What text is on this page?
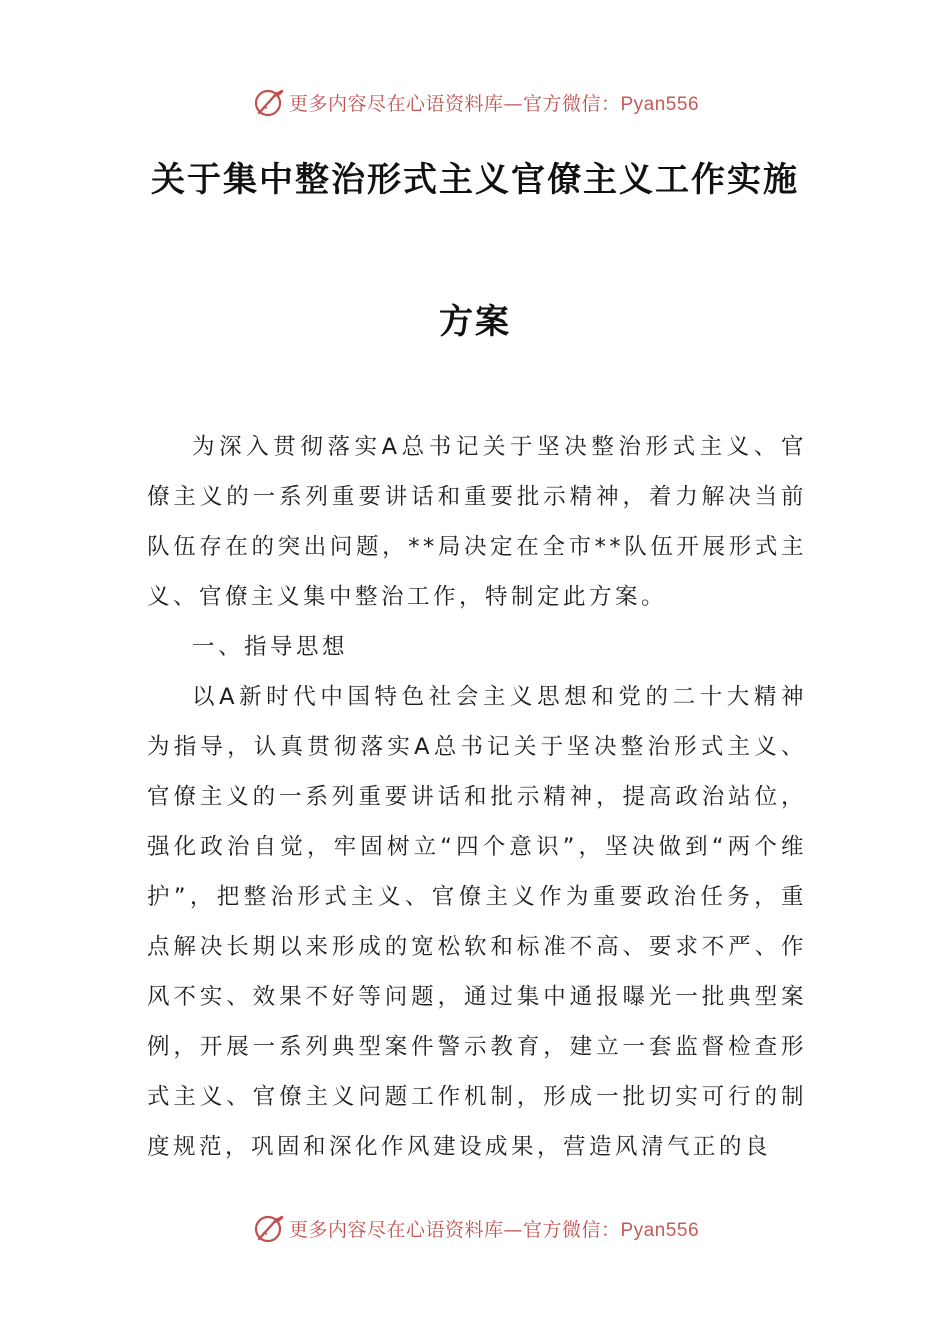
更多内容尽在心语资料库—官方微信：Pyan556
关于集中整治形式主义官僚主义工作实施
方案

为深入贯彻落实A总书记关于坚决整治形式主义、官僚主义的一系列重要讲话和重要批示精神，着力解决当前队伍存在的突出问题，**局决定在全市**队伍开展形式主义、官僚主义集中整治工作，特制定此方案。

一、指导思想

以A新时代中国特色社会主义思想和党的二十大精神为指导，认真贯彻落实A总书记关于坚决整治形式主义、官僚主义的一系列重要讲话和批示精神，提高政治站位，强化政治自觉，牢固树立“四个意识”，坚决做到“两个维护”，把整治形式主义、官僚主义作为重要政治任务，重点解决长期以来形成的宽松软和标准不高、要求不严、作风不实、效果不好等问题，通过集中通报曝光一批典型案例，开展一系列典型案件警示教育，建立一套监督检查形式主义、官僚主义问题工作机制，形成一批切实可行的制度规范，巩固和深化作风建设成果，营造风清气正的良

更多内容尽在心语资料库—官方微信：Pyan556
